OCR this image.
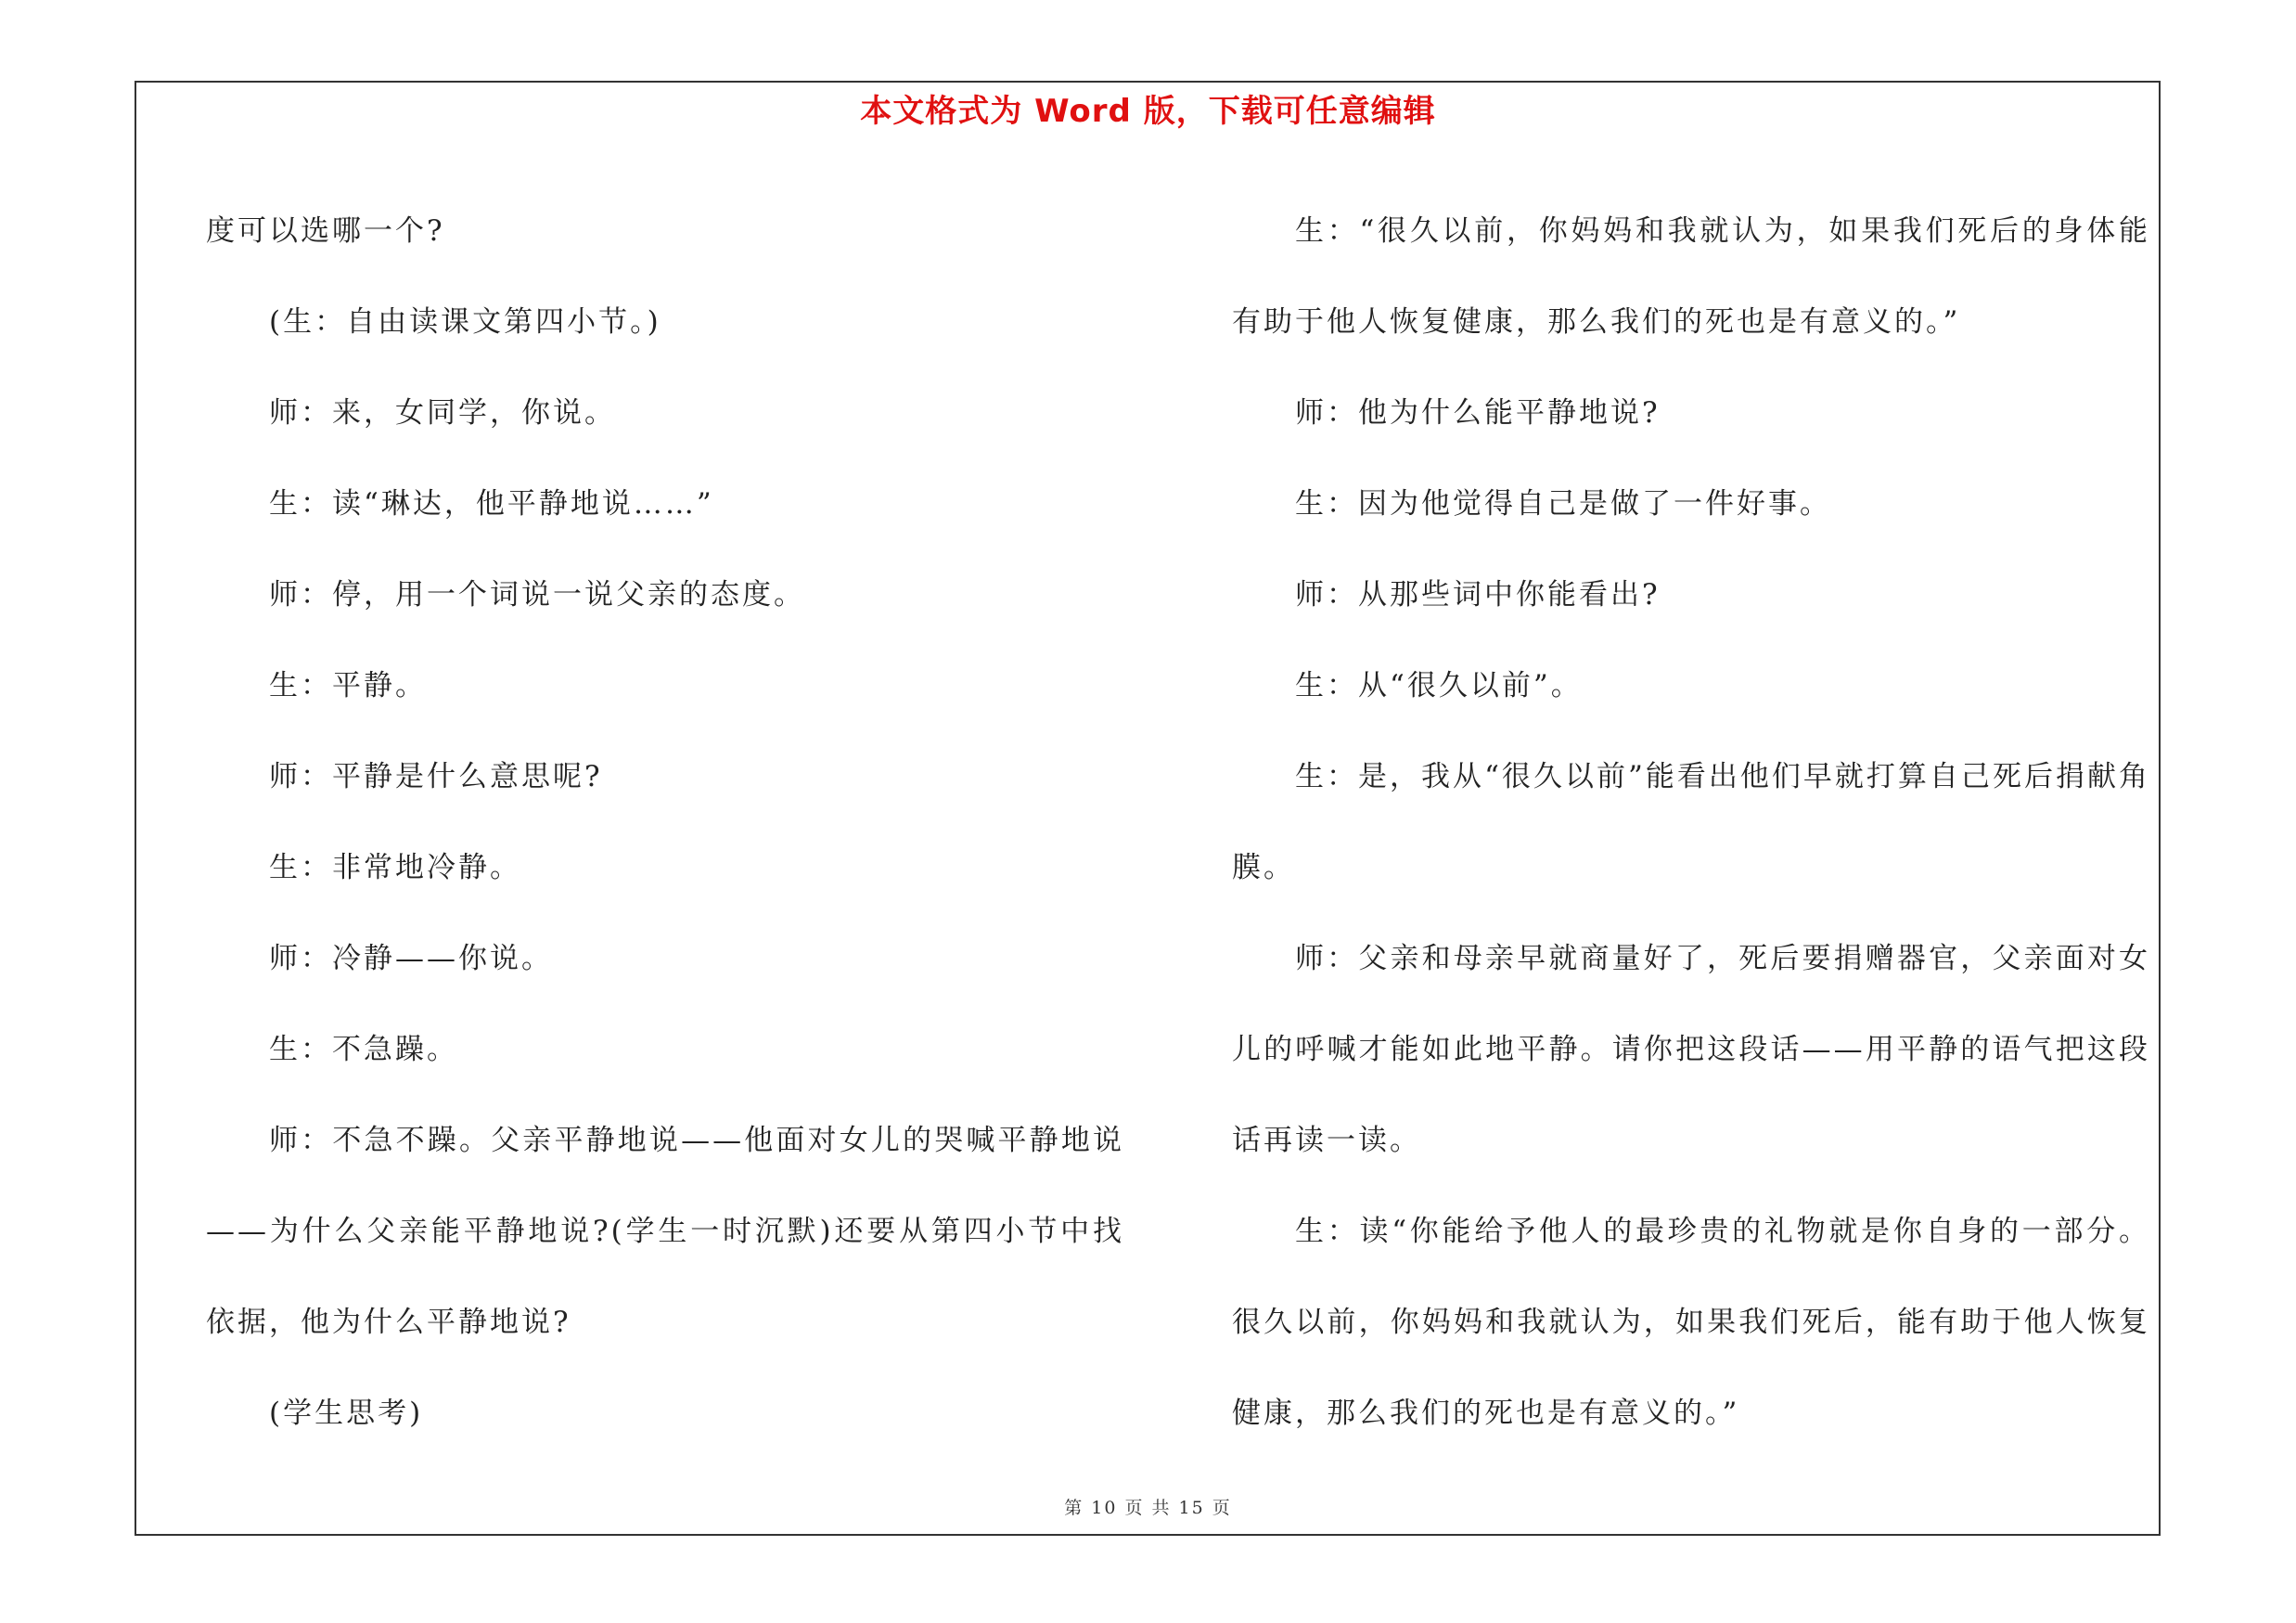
本文格式为 Word 版，下载可任意编辑

度可以选哪一个?

(生：自由读课文第四小节。)

师：来，女同学，你说。

生：读“琳达，他平静地说……”

师：停，用一个词说一说父亲的态度。

生：平静。

师：平静是什么意思呢?

生：非常地冷静。

师：冷静——你说。

生：不急躁。

师：不急不躁。父亲平静地说——他面对女儿的哭喊平静地说——为什么父亲能平静地说?(学生一时沉默)还要从第四小节中找依据，他为什么平静地说?

(学生思考)

生：“很久以前，你妈妈和我就认为，如果我们死后的身体能有助于他人恢复健康，那么我们的死也是有意义的。”

师：他为什么能平静地说?

生：因为他觉得自己是做了一件好事。

师：从那些词中你能看出?

生：从“很久以前”。

生：是，我从“很久以前”能看出他们早就打算自己死后捐献角膜。

师：父亲和母亲早就商量好了，死后要捐赠器官，父亲面对女儿的呼喊才能如此地平静。请你把这段话——用平静的语气把这段话再读一读。

生：读“你能给予他人的最珍贵的礼物就是你自身的一部分。很久以前，你妈妈和我就认为，如果我们死后，能有助于他人恢复健康，那么我们的死也是有意义的。”

第 10 页 共 15 页
